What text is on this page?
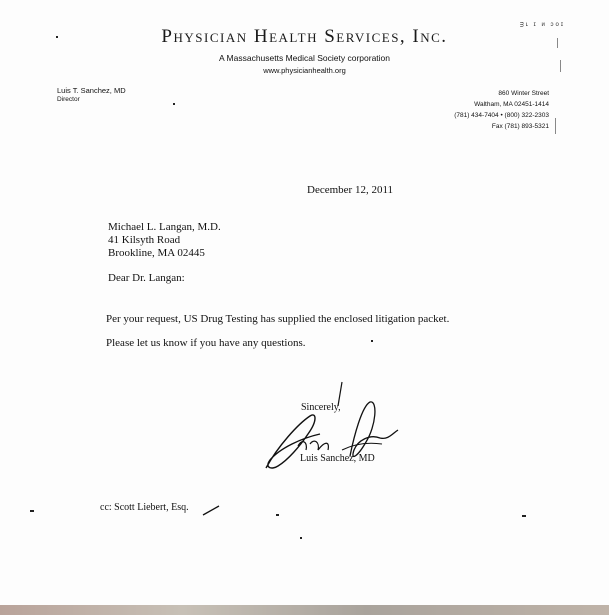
Physician Health Services, Inc.
A Massachusetts Medical Society corporation
www.physicianhealth.org
ᴟʟ ɪ ᴎ ᴐᴏɪ
Luis T. Sanchez, MD
Director
860 Winter Street
Waltham, MA 02451-1414
(781) 434-7404 • (800) 322-2303
Fax (781) 893-5321
December 12, 2011
Michael L. Langan, M.D.
41 Kilsyth Road
Brookline, MA 02445
Dear Dr. Langan:
Per your request, US Drug Testing has supplied the enclosed litigation packet.
Please let us know if you have any questions.
Sincerely,
Luis Sanchez, MD
cc: Scott Liebert, Esq.
